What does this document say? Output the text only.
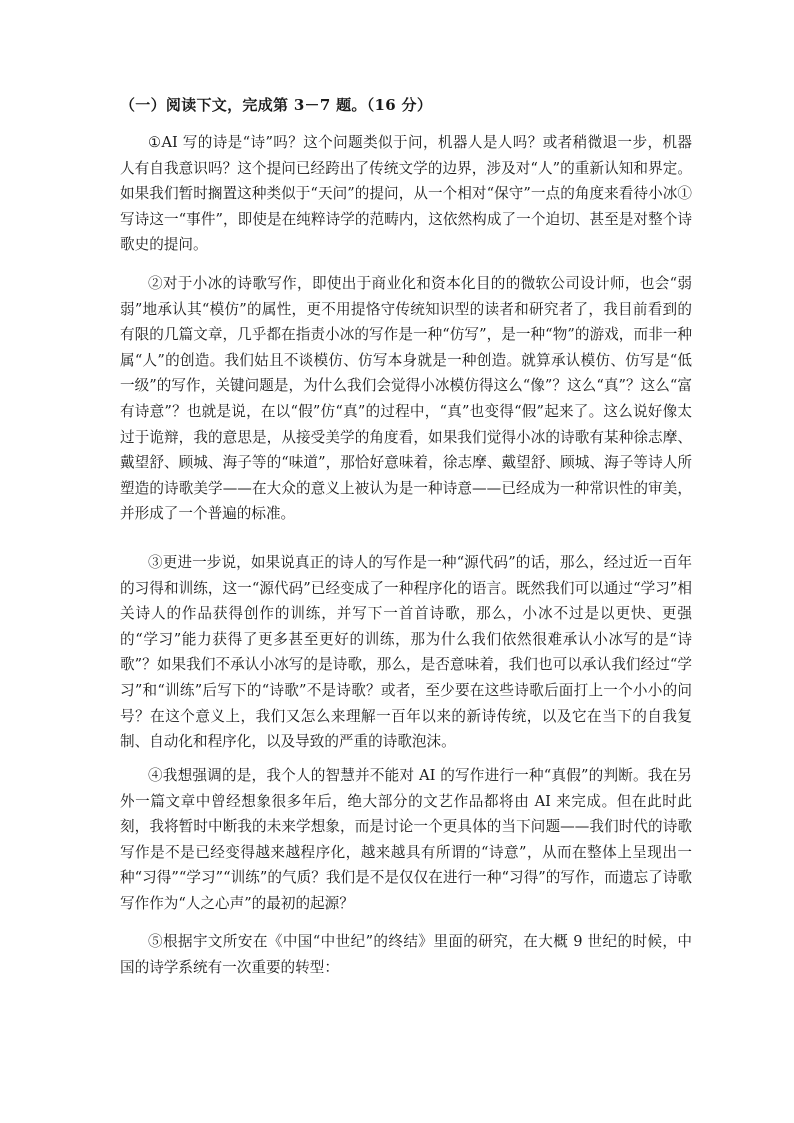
（一）阅读下文，完成第 3－7 题。（16 分）

①AI 写的诗是“诗”吗？这个问题类似于问，机器人是人吗？或者稍微退一步，机器人有自我意识吗？这个提问已经跨出了传统文学的边界，涉及对“人”的重新认知和界定。如果我们暂时搁置这种类似于“天问”的提问，从一个相对“保守”一点的角度来看待小冰①写诗这一“事件”，即使是在纯粹诗学的范畴内，这依然构成了一个迫切、甚至是对整个诗歌史的提问。

②对于小冰的诗歌写作，即使出于商业化和资本化目的的微软公司设计师，也会“弱弱”地承认其“模仿”的属性，更不用提恪守传统知识型的读者和研究者了，我目前看到的有限的几篇文章，几乎都在指责小冰的写作是一种“仿写”，是一种“物”的游戏，而非一种属“人”的创造。我们姑且不谈模仿、仿写本身就是一种创造。就算承认模仿、仿写是“低一级”的写作，关键问题是，为什么我们会觉得小冰模仿得这么“像”？这么“真”？这么“富有诗意”？也就是说，在以“假”仿“真”的过程中，“真”也变得“假”起来了。这么说好像太过于诡辩，我的意思是，从接受美学的角度看，如果我们觉得小冰的诗歌有某种徐志摩、戴望舒、顾城、海子等的“味道”，那恰好意味着，徐志摩、戴望舒、顾城、海子等诗人所塑造的诗歌美学——在大众的意义上被认为是一种诗意——已经成为一种常识性的审美，并形成了一个普遍的标准。

③更进一步说，如果说真正的诗人的写作是一种“源代码”的话，那么，经过近一百年的习得和训练，这一“源代码”已经变成了一种程序化的语言。既然我们可以通过“学习”相关诗人的作品获得创作的训练，并写下一首首诗歌，那么，小冰不过是以更快、更强的“学习”能力获得了更多甚至更好的训练，那为什么我们依然很难承认小冰写的是“诗歌”？如果我们不承认小冰写的是诗歌，那么，是否意味着，我们也可以承认我们经过“学习”和“训练”后写下的“诗歌”不是诗歌？或者，至少要在这些诗歌后面打上一个小小的问号？在这个意义上，我们又怎么来理解一百年以来的新诗传统，以及它在当下的自我复制、自动化和程序化，以及导致的严重的诗歌泡沫。

④我想强调的是，我个人的智慧并不能对 AI 的写作进行一种“真假”的判断。我在另外一篇文章中曾经想象很多年后，绝大部分的文艺作品都将由 AI 来完成。但在此时此刻，我将暂时中断我的未来学想象，而是讨论一个更具体的当下问题——我们时代的诗歌写作是不是已经变得越来越程序化，越来越具有所谓的“诗意”，从而在整体上呈现出一种“习得”“学习”“训练”的气质？我们是不是仅仅在进行一种“习得”的写作，而遗忘了诗歌写作作为“人之心声”的最初的起源？

⑤根据宇文所安在《中国“中世纪”的终结》里面的研究，在大概 9 世纪的时候，中国的诗学系统有一次重要的转型：
